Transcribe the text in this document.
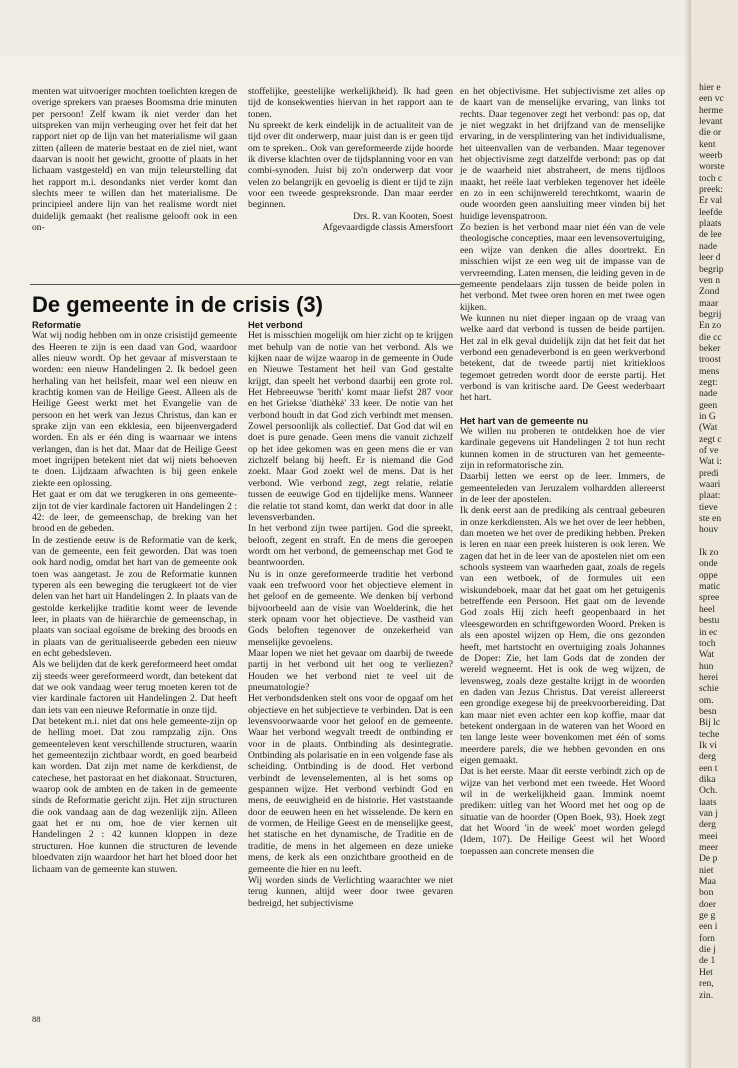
menten wat uitvoeriger mochten toelichten kregen de overige sprekers van praeses Boomsma drie minuten per persoon! Zelf kwam ik niet verder dan het uitspreken van mijn verheuging over het feit dat het rapport niet op de lijn van het materialisme wil gaan zitten (alleen de materie bestaat en de ziel niet, want daarvan is nooit het gewicht, grootte of plaats in het lichaam vastgesteld) en van mijn teleurstelling dat het rapport m.i. desondanks niet verder komt dan slechts meer te willen dan het materialisme. De principieel andere lijn van het realisme wordt niet duidelijk gemaakt (het realisme gelooft ook in een on-

stoffelijke, geestelijke werkelijkheid). Ik had geen tijd de konsekwenties hiervan in het rapport aan te tonen.

Nu spreekt de kerk eindelijk in de actualiteit van de tijd over dit onderwerp, maar juist dan is er geen tijd om te spreken.. Ook van gereformeerde zijde hoorde ik diverse klachten over de tijdsplanning voor en van combi-synoden. Juist bij zo'n onderwerp dat voor velen zo belangrijk en gevoelig is dient er tijd te zijn voor een tweede gespreksronde. Dan maar eerder beginnen.

Drs. R. van Kooten, Soest

Afgevaardigde classis Amersfoort

De gemeente in de crisis (3)
Reformatie

Wat wij nodig hebben om in onze crisistijd gemeente des Heeren te zijn is een daad van God, waardoor alles nieuw wordt. Op het gevaar af misverstaan te worden: een nieuw Handelingen 2. Ik bedoel geen herhaling van het heilsfeit, maar wel een nieuw en krachtig komen van de Heilige Geest. Alleen als de Heilige Geest werkt met het Evangelie van de persoon en het werk van Jezus Christus, dan kan er sprake zijn van een ekklesia, een bijeenvergaderd worden. En als er één ding is waarnaar we intens verlangen, dan is het dat. Maar dat de Heilige Geest moet ingrijpen betekent niet dat wij niets behoeven te doen. Lijdzaam afwachten is bij geen enkele ziekte een oplossing.

Het gaat er om dat we terugkeren in ons gemeente-zijn tot de vier kardinale factoren uit Handelingen 2 : 42: de leer, de gemeenschap, de breking van het brood en de gebeden.

In de zestiende eeuw is de Reformatie van de kerk, van de gemeente, een feit geworden. Dat was toen ook hard nodig, omdat het hart van de gemeente ook toen was aangetast. Je zou de Reformatie kunnen typeren als een beweging die terugkeert tot de vier delen van het hart uit Handelingen 2. In plaats van de gestolde kerkelijke traditie komt weer de levende leer, in plaats van de hiërarchie de gemeenschap, in plaats van sociaal egoïsme de breking des broods en in plaats van de geritualiseerde gebeden een nieuw en echt gebedsleven.

Als we belijden dat de kerk gereformeerd heet omdat zij steeds weer gereformeerd wordt, dan betekent dat dat we ook vandaag weer terug moeten keren tot de vier kardinale factoren uit Handelingen 2. Dat heeft dan iets van een nieuwe Reformatie in onze tijd.

Dat betekent m.i. niet dat ons hele gemeente-zijn op de helling moet. Dat zou rampzalig zijn. Ons gemeenteleven kent verschillende structuren, waarin het gemeentezijn zichtbaar wordt, en goed bearbeid kan worden. Dat zijn met name de kerkdienst, de catechese, het pastoraat en het diakonaat. Structuren, waarop ook de ambten en de taken in de gemeente sinds de Reformatie gericht zijn. Het zijn structuren die ook vandaag aan de dag wezenlijk zijn. Alleen gaat het er nu om, hoe de vier kernen uit Handelingen 2 : 42 kunnen kloppen in deze structuren. Hoe kunnen die structuren de levende bloedvaten zijn waardoor het hart het bloed door het lichaam van de gemeente kan stuwen.

Het verbond

Het is misschien mogelijk om hier zicht op te krijgen met behulp van de notie van het verbond. Als we kijken naar de wijze waarop in de gemeente in Oude en Nieuwe Testament het heil van God gestalte krijgt, dan speelt het verbond daarbij een grote rol. Het Hebreeuwse 'berith' komt maar liefst 287 voor en het Griekse 'diathèkè' 33 keer. De notie van het verbond houdt in dat God zich verbindt met mensen. Zowel persoonlijk als collectief. Dat God dat wil en doet is pure genade. Geen mens die vanuit zichzelf op het idee gekomen was en geen mens die er van zichzelf belang bij heeft. Er is niemand die God zoekt. Maar God zoekt wel de mens. Dat is het verbond. Wie verbond zegt, zegt relatie, relatie tussen de eeuwige God en tijdelijke mens. Wanneer die relatie tot stand komt, dan werkt dat door in alle levensverbanden.

In het verbond zijn twee partijen. God die spreekt, belooft, zegent en straft. En de mens die geroepen wordt om het verbond, de gemeenschap met God te beantwoorden.

Nu is in onze gereformeerde traditie het verbond vaak een trefwoord voor het objectieve element in het geloof en de gemeente. We denken bij verbond bijvoorbeeld aan de visie van Woelderink, die het sterk opnam voor het objectieve. De vastheid van Gods beloften tegenover de onzekerheid van menselijke gevoelens.

Maar lopen we niet het gevaar om daarbij de tweede partij in het verbond uit het oog te verliezen? Houden we het verbond niet te veel uit de pneumatologie?

Het verbondsdenken stelt ons voor de opgaaf om het objectieve en het subjectieve te verbinden. Dat is een levensvoorwaarde voor het geloof en de gemeente. Waar het verbond wegvalt treedt de ontbinding er voor in de plaats. Ontbinding als desintegratie. Ontbinding als polarisatie en in een volgende fase als scheiding. Ontbinding is de dood. Het verbond verbindt de levenselementen, al is het soms op gespannen wijze. Het verbond verbindt God en mens, de eeuwigheid en de historie. Het vaststaande door de eeuwen heen en het wisselende. De kern en de vormen, de Heilige Geest en de menselijke geest, het statische en het dynamische, de Traditie en de traditie, de mens in het algemeen en deze unieke mens, de kerk als een onzichtbare grootheid en de gemeente die hier en nu leeft.

Wij worden sinds de Verlichting waarachter we niet terug kunnen, altijd weer door twee gevaren bedreigd, het subjectivisme

en het objectivisme. Het subjectivisme zet alles op de kaart van de menselijke ervaring, van links tot rechts. Daar tegenover zegt het verbond: pas op, dat je niet wegzakt in het drijfzand van de menselijke ervaring, in de versplintering van het individualisme, het uiteenvallen van de verbanden. Maar tegenover het objectivisme zegt datzelfde verbond: pas op dat je de waarheid niet abstraheert, de mens tijdloos maakt, het reële laat verbleken tegenover het ideële en zo in een schijnwereld terechtkomt, waarin de oude woorden geen aansluiting meer vinden bij het huidige levenspatroon.

Zo bezien is het verbond maar niet één van de vele theologische concepties, maar een levensovertuiging, een wijze van denken die alles doortrekt. En misschien wijst ze een weg uit de impasse van de vervreemding. Laten mensen, die leiding geven in de gemeente pendelaars zijn tussen de beide polen in het verbond. Met twee oren horen en met twee ogen kijken.

We kunnen nu niet dieper ingaan op de vraag van welke aard dat verbond is tussen de beide partijen. Het zal in elk geval duidelijk zijn dat het feit dat het verbond een genadeverbond is en geen werkverbond betekent, dat de tweede partij niet kritiekloos tegemoet getreden wordt door de eerste partij. Het verbond is van kritische aard. De Geest wederbaart het hart.

Het hart van de gemeente nu

We willen nu proberen te ontdekken hoe de vier kardinale gegevens uit Handelingen 2 tot hun recht kunnen komen in de structuren van het gemeente-zijn in reformatorische zin.

Daarbij letten we eerst op de leer. Immers, de gemeenteleden van Jeruzalem volhardden allereerst in de leer der apostelen.

Ik denk eerst aan de prediking als centraal gebeuren in onze kerkdiensten. Als we het over de leer hebben, dan moeten we het over de prediking hebben. Preken is leren en naar een preek luisteren is ook leren. We zagen dat het in de leer van de apostelen niet om een schools systeem van waarheden gaat, zoals de regels van een wetboek, of de formules uit een wiskundeboek, maar dat het gaat om het getuigenis betreffende een Persoon. Het gaat om de levende God zoals Hij zich heeft geopenbaard in het vleesgeworden en schriftgeworden Woord. Preken is als een apostel wijzen op Hem, die ons gezonden heeft, met hartstocht en overtuiging zoals Johannes de Doper: Zie, het lam Gods dat de zonden der wereld wegneemt. Het is ook de weg wijzen, de levensweg, zoals deze gestalte krijgt in de woorden en daden van Jezus Christus. Dat vereist allereerst een grondige exegese bij de preekvoorbereiding. Dat kan maar niet even achter een kop koffie, maar dat betekent ondergaan in de wateren van het Woord en ten lange leste weer bovenkomen met één of soms meerdere parels, die we hebben gevonden en ons eigen gemaakt.

Dat is het eerste. Maar dit eerste verbindt zich op de wijze van het verbond met een tweede. Het Woord wil in de werkelijkheid gaan. Immink noemt prediken: uitleg van het Woord met het oog op de situatie van de hoorder (Open Boek, 93). Hoek zegt dat het Woord 'in de week' moet worden gelegd (Idem, 107). De Heilige Geest wil het Woord toepassen aan concrete mensen die

88
hier e
een vc
herme
levant
die or
kent
weerb
worste
toch c
preek:
Er val
leefde
plaats
de lee
nade
leer d
begrip
ven n
Zond
maar
begrij
En zo
die cc
beker
troost
mens
zegt:
nade
geen
in G
(Wat
zegt c
of ve
Wat i:
predi
waari
plaat:
tieve
ste en
houv

Ik zo
onde
oppe
matic
spree
heel
bestu
in ec
toch
Wat
hun
herei
schie
om.
besn
Bij lc
teche
Ik vi
derg
een t
dika
Och.
laats
van j
derg
meei
meer
De p
niet
Maa
bon
doer
ge g
een i
forn
die j
de 1
Het
ren,
zin.
